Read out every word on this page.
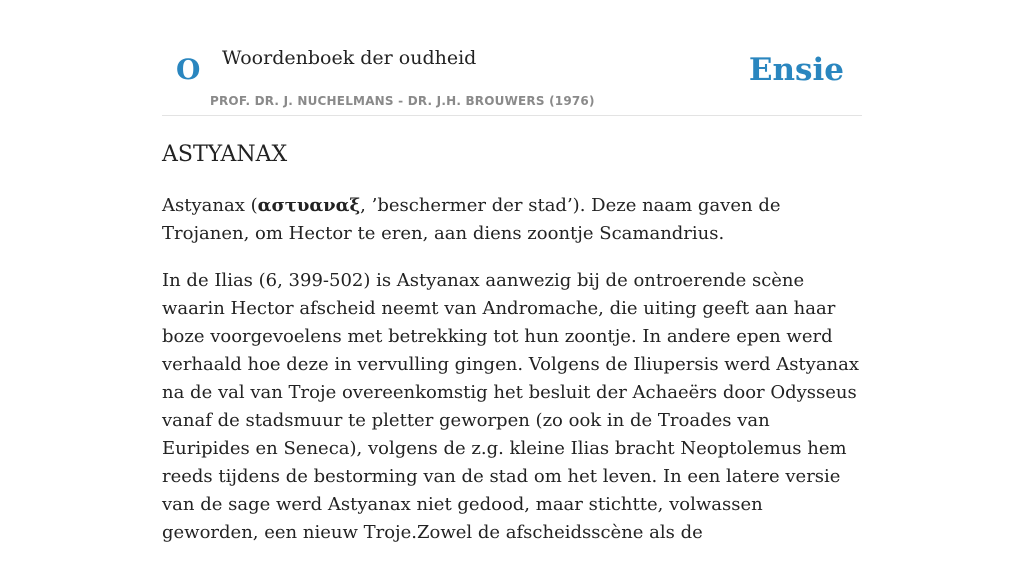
O Woordenboek der oudheid
PROF. DR. J. NUCHELMANS - DR. J.H. BROUWERS (1976)
Ensie
ASTYANAX

Astyanax (αστυαναξ, ’beschermer der stad’). Deze naam gaven de Trojanen, om Hector te eren, aan diens zoontje Scamandrius.

In de Ilias (6, 399-502) is Astyanax aanwezig bij de ontroerende scène waarin Hector afscheid neemt van Andromache, die uiting geeft aan haar boze voorgevoelens met betrekking tot hun zoontje. In andere epen werd verhaald hoe deze in vervulling gingen. Volgens de Iliupersis werd Astyanax na de val van Troje overeenkomstig het besluit der Achaeërs door Odysseus vanaf de stadsmuur te pletter geworpen (zo ook in de Troades van Euripides en Seneca), volgens de z.g. kleine Ilias bracht Neoptolemus hem reeds tijdens de bestorming van de stad om het leven. In een latere versie van de sage werd Astyanax niet gedood, maar stichtte, volwassen geworden, een nieuw Troje.Zowel de afscheidsscène als de
